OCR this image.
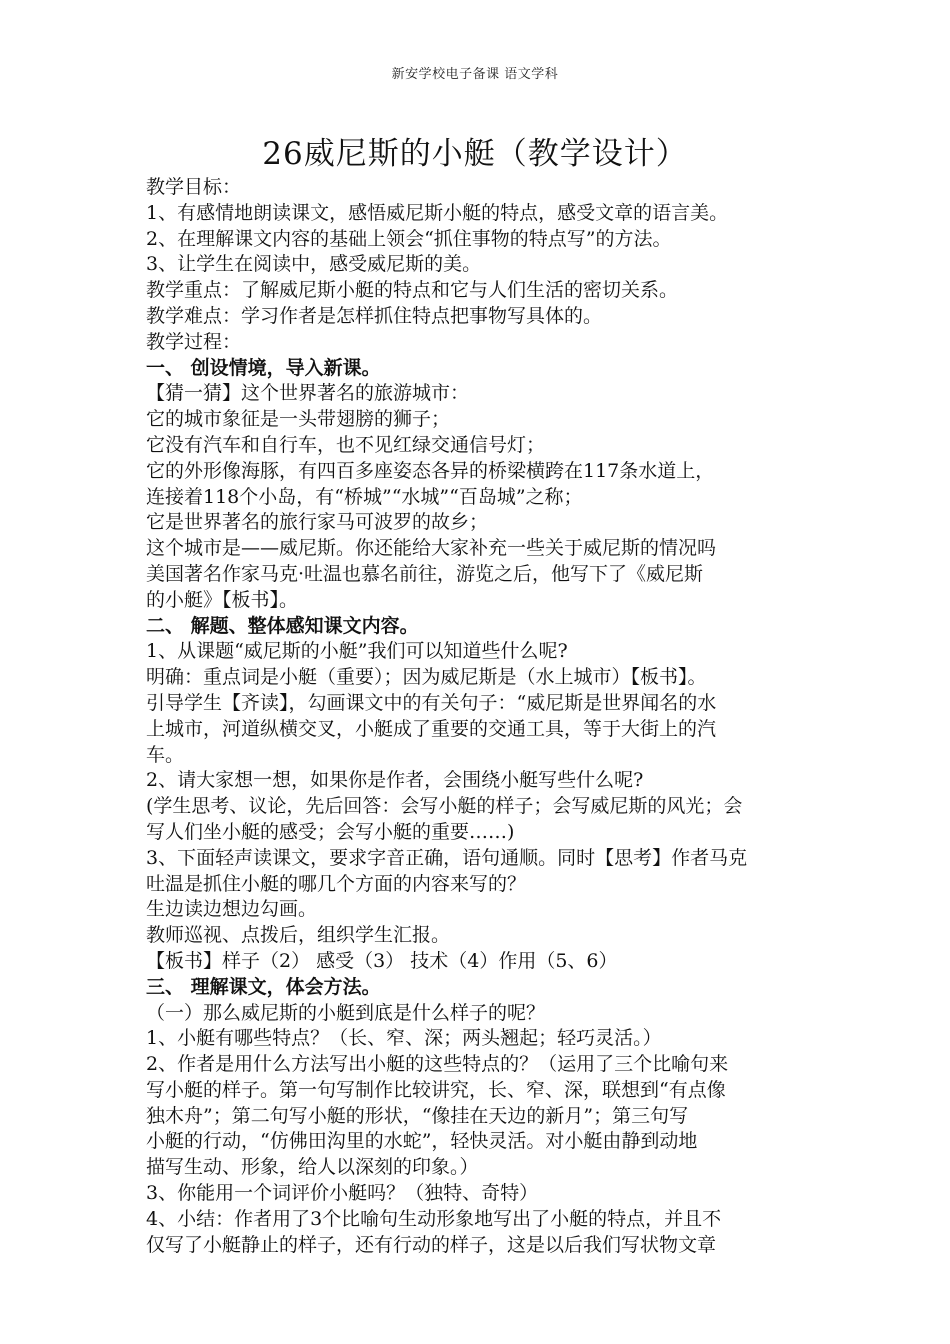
新安学校电子备课 语文学科
26威尼斯的小艇（教学设计）
教学目标：
1、有感情地朗读课文，感悟威尼斯小艇的特点，感受文章的语言美。
2、在理解课文内容的基础上领会“抓住事物的特点写”的方法。
3、让学生在阅读中，感受威尼斯的美。
教学重点：了解威尼斯小艇的特点和它与人们生活的密切关系。
教学难点：学习作者是怎样抓住特点把事物写具体的。
教学过程：
一、 创设情境，导入新课。
【猜一猜】这个世界著名的旅游城市：
它的城市象征是一头带翅膀的狮子；
它没有汽车和自行车，也不见红绿交通信号灯；
它的外形像海豚，有四百多座姿态各异的桥梁横跨在117条水道上，
连接着118个小岛，有“桥城”“水城”“百岛城”之称；
它是世界著名的旅行家马可波罗的故乡；
这个城市是——威尼斯。你还能给大家补充一些关于威尼斯的情况吗
美国著名作家马克·吐温也慕名前往，游览之后，他写下了《威尼斯
的小艇》【板书】。
二、 解题、整体感知课文内容。
1、从课题“威尼斯的小艇”我们可以知道些什么呢?
明确：重点词是小艇（重要）；因为威尼斯是（水上城市）【板书】。
引导学生【齐读】，勾画课文中的有关句子：“威尼斯是世界闻名的水
上城市，河道纵横交叉，小艇成了重要的交通工具，等于大街上的汽
车。
2、请大家想一想，如果你是作者，会围绕小艇写些什么呢?
(学生思考、议论，先后回答：会写小艇的样子；会写威尼斯的风光；会
写人们坐小艇的感受；会写小艇的重要……)
3、下面轻声读课文，要求字音正确，语句通顺。同时【思考】作者马克
吐温是抓住小艇的哪几个方面的内容来写的？
生边读边想边勾画。
教师巡视、点拨后，组织学生汇报。
【板书】样子（2） 感受（3） 技术（4）作用（5、6）
三、 理解课文，体会方法。
（一）那么威尼斯的小艇到底是什么样子的呢？
1、小艇有哪些特点？（长、窄、深；两头翘起；轻巧灵活。）
2、作者是用什么方法写出小艇的这些特点的？（运用了三个比喻句来
写小艇的样子。第一句写制作比较讲究，长、窄、深，联想到“有点像
独木舟”；第二句写小艇的形状，“像挂在天边的新月”；第三句写
小艇的行动，“仿佛田沟里的水蛇”，轻快灵活。对小艇由静到动地
描写生动、形象，给人以深刻的印象。）
3、你能用一个词评价小艇吗？（独特、奇特）
4、小结：作者用了3个比喻句生动形象地写出了小艇的特点，并且不
仅写了小艇静止的样子，还有行动的样子，这是以后我们写状物文章
